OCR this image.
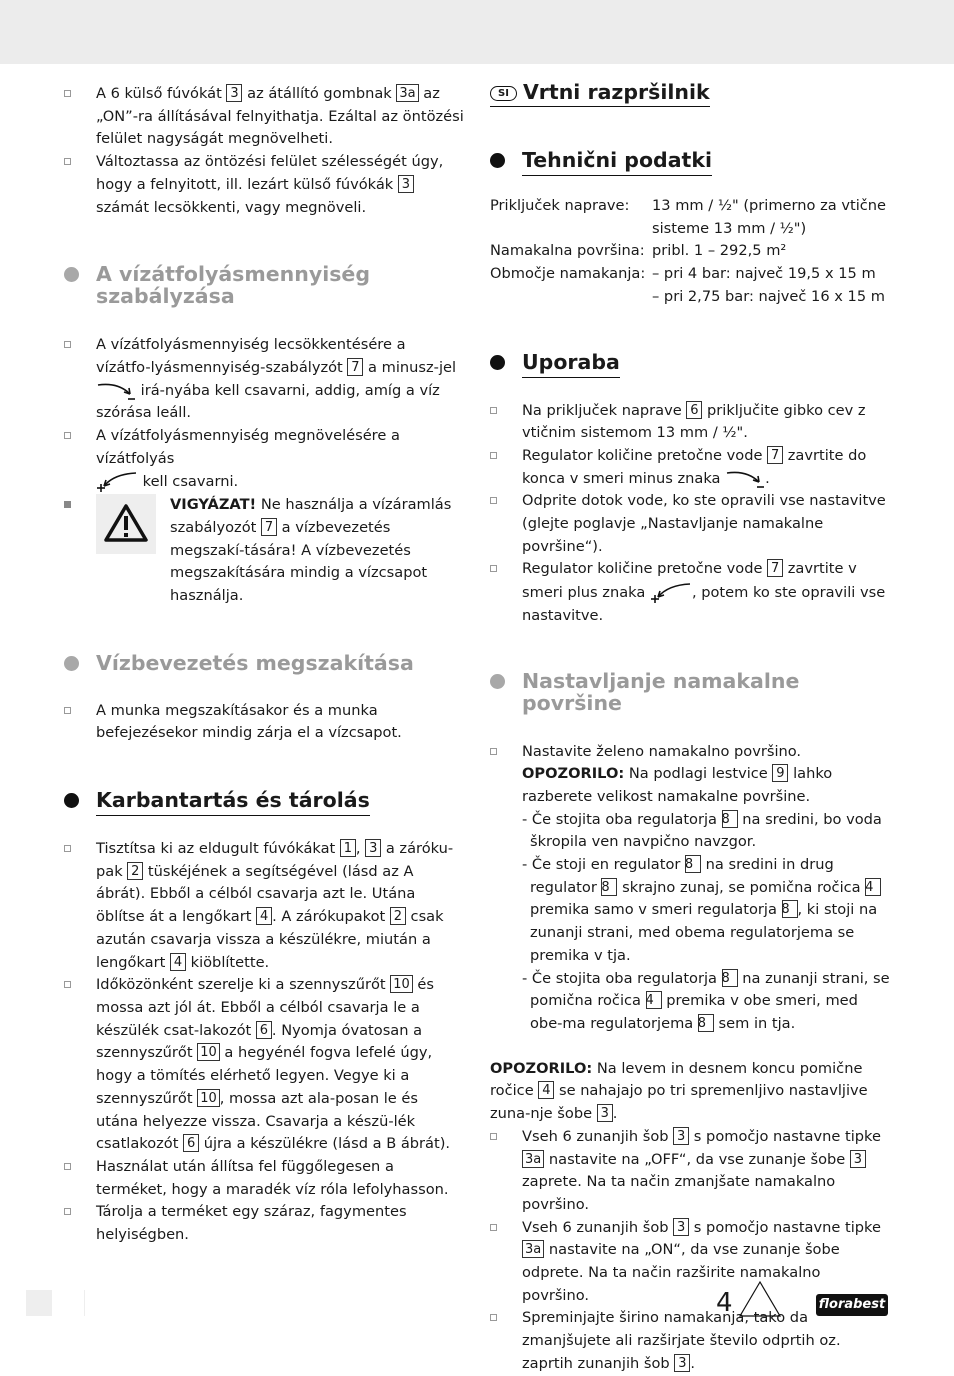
A 6 külső fúvókát 3 az átállító gombnak 3a az „ON”-ra állításával felnyithatja. Ezáltal az öntözési felület nagyságát megnövelheti.

Változtassa az öntözési felület szélességét úgy, hogy a felnyitott, ill. lezárt külső fúvókák 3 számát lecsökkenti, vagy megnöveli.

A vízátfolyásmennyiség szabályzása

A vízátfolyásmennyiség lecsökkentésére a vízátfo-lyásmennyiség-szabályzót 7 a minusz-jel  irá-nyába kell csavarni, addig, amíg a víz szórása leáll.

A vízátfolyásmennyiség megnövelésére a vízátfolyás
kell csavarni.

VIGYÁZAT! Ne használja a vízáramlás szabályozót 7 a vízbevezetés megszakí-tására! A vízbevezetés megszakítására mindig a vízcsapot használja.

Vízbevezetés megszakítása

A munka megszakításakor és a munka befejezésekor mindig zárja el a vízcsapot.

Karbantartás és tárolás

Tisztítsa ki az eldugult fúvókákat 1 , 3 a záróku-pak 2 tüskéjének a segítségével (lásd az A ábrát). Ebből a célból csavarja azt le. Utána öblítse át a lengőkart 4 . A zárókupakot 2 csak azután csavarja vissza a készülékre, miután a lengőkart 4 kiöblítette.

Időközönként szerelje ki a szennyszűrőt 10 és mossa azt jól át. Ebből a célból csavarja le a készülék csat-lakozót 6 . Nyomja óvatosan a szennyszűrőt 10 a hegyénél fogva lefelé úgy, hogy a tömítés elérhető legyen. Vegye ki a szennyszűrőt 10 , mossa azt ala-posan le és utána helyezze vissza. Csavarja a készü-lék csatlakozót 6 újra a készülékre (lásd a B ábrát).

Használat után állítsa fel függőlegesen a terméket, hogy a maradék víz róla lefolyhasson.

Tárolja a terméket egy száraz, fagymentes helyiségben.

SI Vrtni razpršilnik
Tehnični podatki
Priključek naprave:	13 mm / ½" (primerno za vtične sisteme 13 mm / ½")
Namakalna površina:	pribl. 1 – 292,5 m²
Območje namakanja:	– pri 4 bar: največ 19,5 x 15 m
	– pri 2,75 bar: največ 16 x 15 m
Uporaba

Na priključek naprave 6 priključite gibko cev z vtičnim sistemom 13 mm / ½".

Regulator količine pretočne vode 7 zavrtite do konca v smeri minus znaka	.

Odprite dotok vode, ko ste opravili vse nastavitve (glejte poglavje „Nastavljanje namakalne površine“).

Regulator količine pretočne vode 7 zavrtite v smeri plus znaka	, potem ko ste opravili vse nastavitve.

Nastavljanje namakalne površine
Nastavite želeno namakalno površino.
OPOZORILO: Na podlagi lestvice 9 lahko razberete velikost namakalne površine.
- Če stojita oba regulatorja 8 na sredini, bo voda škropila ven navpično navzgor.
- Če stoji en regulator 8 na sredini in drug regulator 8 skrajno zunaj, se pomična ročica 4 premika samo v smeri regulatorja 8 , ki stoji na zunanji strani, med obema regulatorjema se premika v tja.
- Če stojita oba regulatorja 8 na zunanji strani, se pomična ročica 4 premika v obe smeri, med obe-ma regulatorjema 8 sem in tja.

OPOZORILO: Na levem in desnem koncu pomične ročice 4 se nahajajo po tri spremenljivo nastavljive zuna-nje šobe 3 .

Vseh 6 zunanjih šob 3 s pomočjo nastavne tipke 3a nastavite na „OFF“, da vse zunanje šobe 3 zaprete. Na ta način zmanjšate namakalno površino.

Vseh 6 zunanjih šob 3 s pomočjo nastavne tipke 3a nastavite na „ON“, da vse zunanje šobe odprete. Na ta način razširite namakalno površino.

Spreminjajte širino namakanja, tako da zmanjšujete ali razširjate število odprtih oz. zaprtih zunanjih šob 3 .

4	florabest
